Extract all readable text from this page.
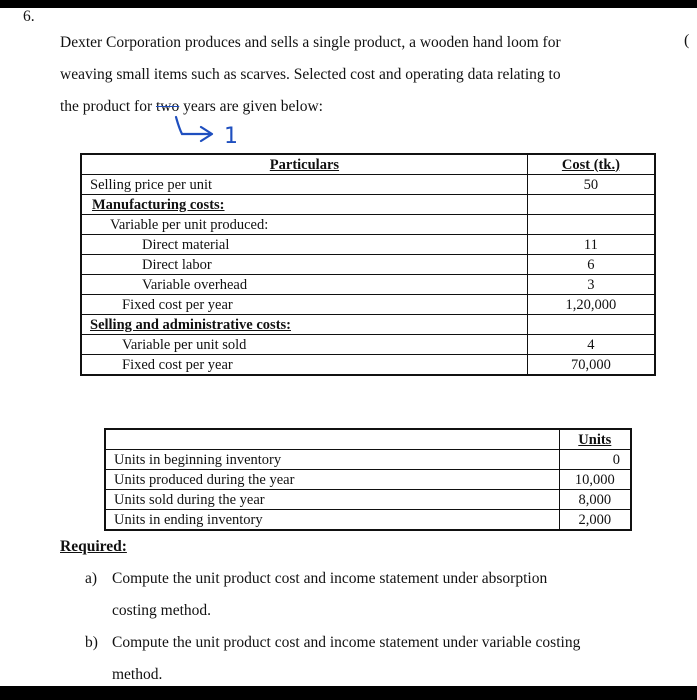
6.
Dexter Corporation produces and sells a single product, a wooden hand loom for
weaving small items such as scarves. Selected cost and operating data relating to
the product for two years are given below:
(
1
Particulars	Cost (tk.)
Selling price per unit	50
Manufacturing costs:	
Variable per unit produced:	
Direct material	11
Direct labor	6
Variable overhead	3
Fixed cost per year	1,20,000
Selling and administrative costs:	
Variable per unit sold	4
Fixed cost per year	70,000
	Units
Units in beginning inventory	0
Units produced during the year	10,000
Units sold during the year	8,000
Units in ending inventory	2,000
Required:
a) Compute the unit product cost and income statement under absorption
costing method.
b) Compute the unit product cost and income statement under variable costing
method.
